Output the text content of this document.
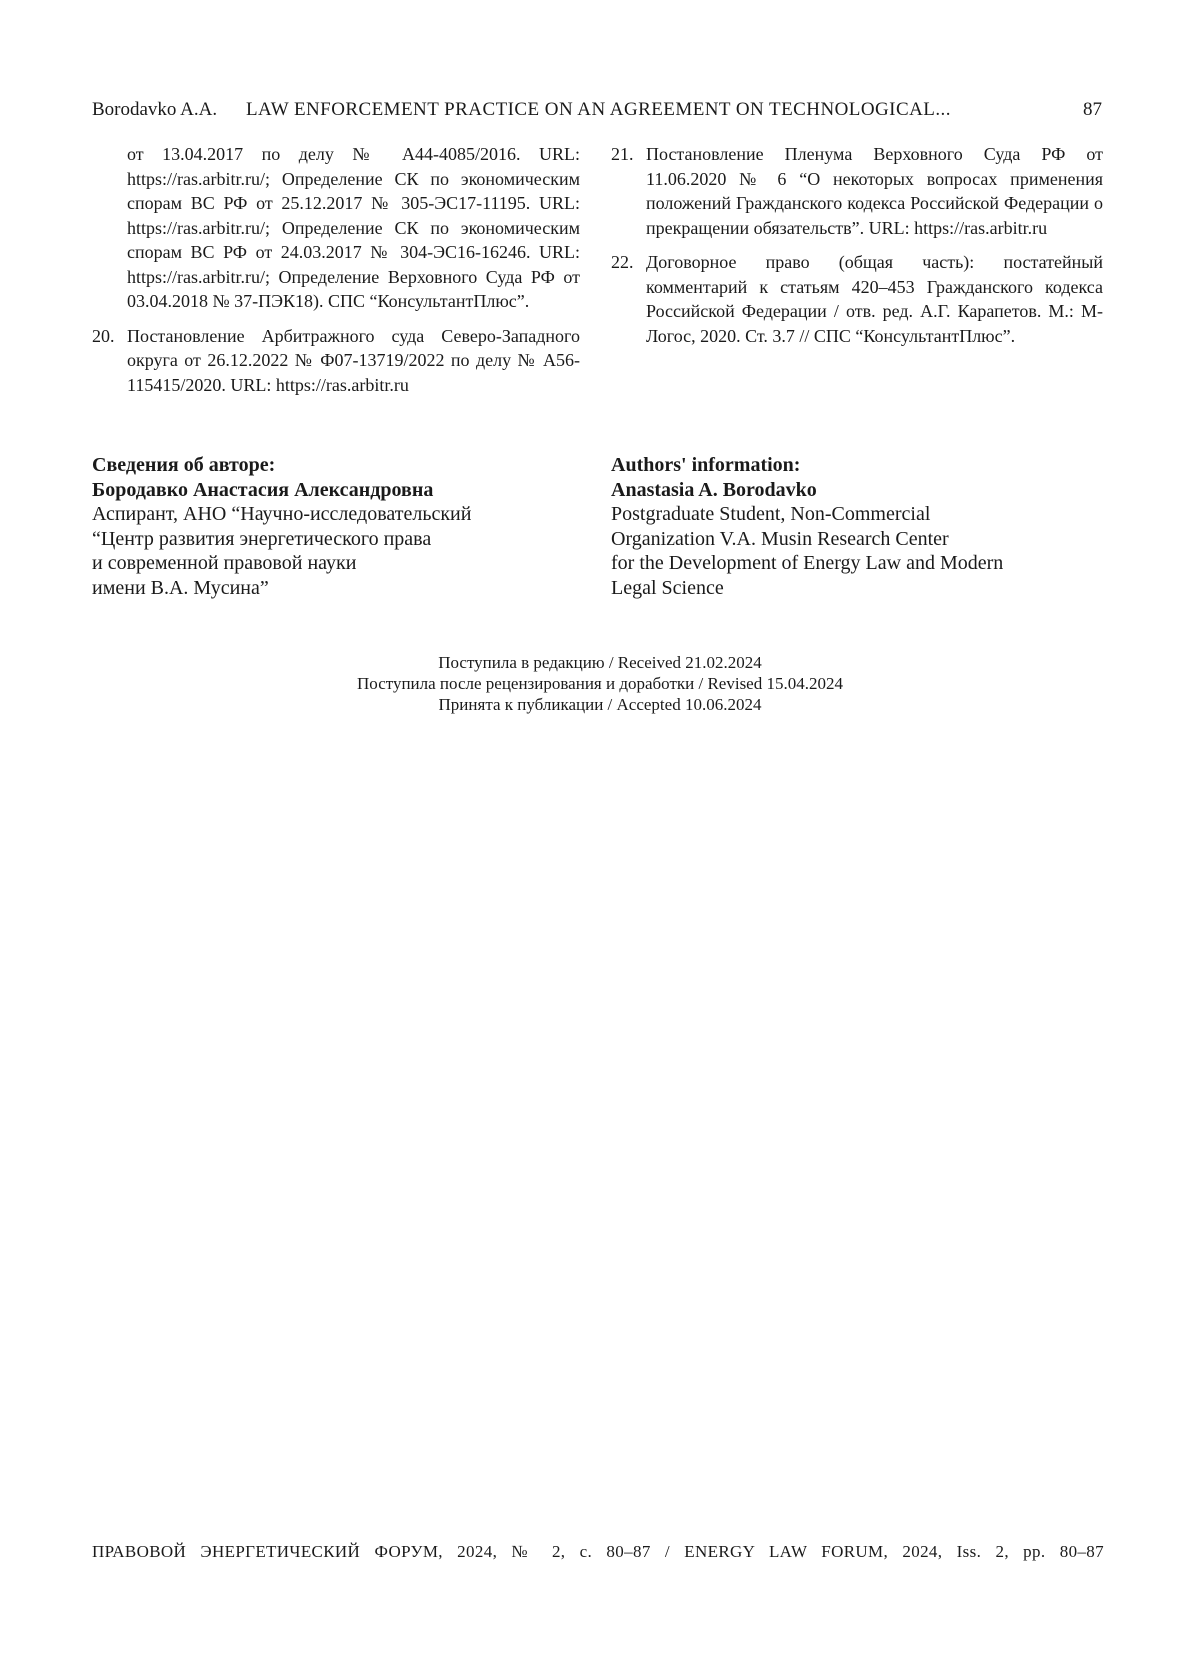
Borodavko A.A. LAW ENFORCEMENT PRACTICE ON AN AGREEMENT ON TECHNOLOGICAL...	87
от 13.04.2017 по делу № А44-4085/2016. URL: https://ras.arbitr.ru/; Определение СК по экономическим спорам ВС РФ от 25.12.2017 № 305-ЭС17-11195. URL: https://ras.arbitr.ru/; Определение СК по экономическим спорам ВС РФ от 24.03.2017 № 304-ЭС16-16246. URL: https://ras.arbitr.ru/; Определение Верховного Суда РФ от 03.04.2018 № 37-ПЭК18). СПС “КонсультантПлюс”.
20. Постановление Арбитражного суда Северо-Западного округа от 26.12.2022 № Ф07-13719/2022 по делу № А56-115415/2020. URL: https://ras.arbitr.ru
21. Постановление Пленума Верховного Суда РФ от 11.06.2020 № 6 “О некоторых вопросах применения положений Гражданского кодекса Российской Федерации о прекращении обязательств”. URL: https://ras.arbitr.ru
22. Договорное право (общая часть): постатейный комментарий к статьям 420–453 Гражданского кодекса Российской Федерации / отв. ред. А.Г. Карапетов. М.: М-Логос, 2020. Ст. 3.7 // СПС “КонсультантПлюс”.
Сведения об авторе:
Бородавко Анастасия Александровна
Аспирант, АНО “Научно-исследовательский
“Центр развития энергетического права
и современной правовой науки
имени В.А. Мусина”
Authors' information:
Anastasia A. Borodavko
Postgraduate Student, Non-Commercial
Organization V.A. Musin Research Center
for the Development of Energy Law and Modern
Legal Science
Поступила в редакцию / Received 21.02.2024
Поступила после рецензирования и доработки / Revised 15.04.2024
Принята к публикации / Accepted 10.06.2024
ПРАВОВОЙ ЭНЕРГЕТИЧЕСКИЙ ФОРУМ, 2024, № 2, с. 80–87 / ENERGY LAW FORUM, 2024, Iss. 2, pp. 80–87
